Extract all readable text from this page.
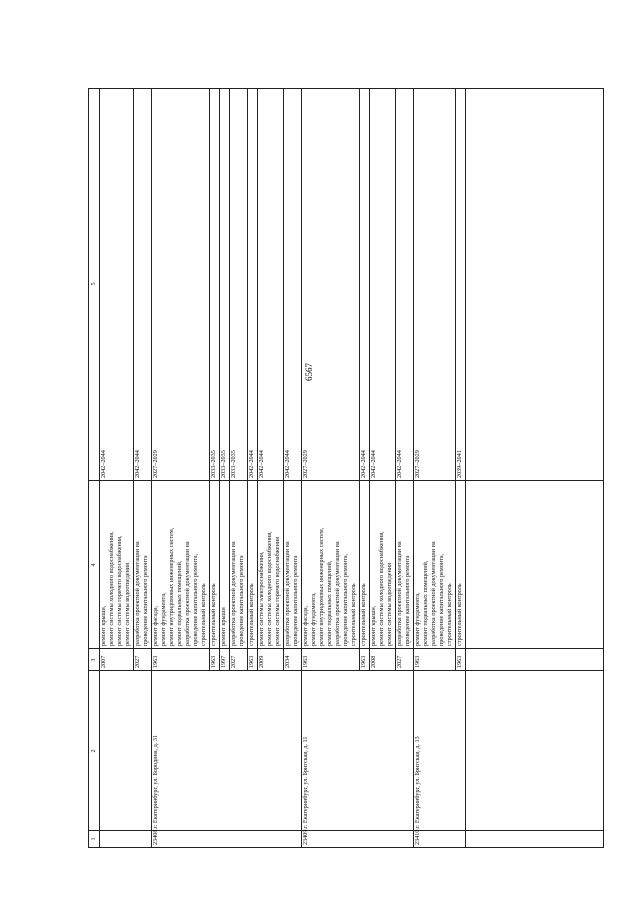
6567
1
2
3
4
5
2007
ремонт крыши, ремонт системы холодного водоснабжения, ремонт системы горячего водоснабжения, ремонт системы водоотведения
2042–2044
2027
разработка проектной документации на проведение капитального ремонта
2042–2044
1963
ремонт фасада, ремонт фундамента, ремонт внутридомовых инженерных систем, ремонт подвальных помещений, разработка проектной документации на проведение капитального ремонта, строительный контроль
2027–2029
1963
строительный контроль
2033–2035
1997
ремонт крыши
2033–2035
2027
разработка проектной документации на проведение капитального ремонта
2033–2035
1963
строительный контроль
2042–2044
2009
ремонт системы электроснабжения, ремонт системы холодного водоснабжения, ремонт системы горячего водоснабжения
2042–2044
2034
разработка проектной документации на проведение капитального ремонта
2042–2044
23408.
г. Екатеринбург, ул. Бородина, д. 31
1963
ремонт фасада, ремонт фундамента, ремонт внутридомовых инженерных систем, ремонт подвальных помещений, разработка проектной документации на проведение капитального ремонта, строительный контроль
2027–2029
1963
строительный контроль
2042–2044
2008
ремонт крыши, ремонт системы холодного водоснабжения, ремонт системы водоотведения
2042–2044
2027
разработка проектной документации на проведение капитального ремонта
2042–2044
23409.
г. Екатеринбург, ул. Бригская, д. 11
1963
ремонт фундамента, ремонт подвальных помещений, разработка проектной документации на проведение капитального ремонта, строительный контроль
2027–2029
1963
строительный контроль
2039–2041
23410.
г. Екатеринбург, ул. Бригская, д. 13
